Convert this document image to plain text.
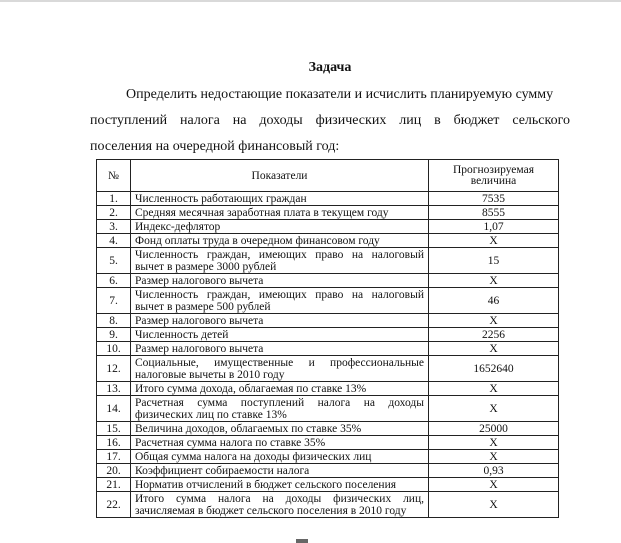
Задача

Определить недостающие показатели и исчислить планируемую сумму
поступлений налога на доходы физических лиц в бюджет сельского
поселения на очередной финансовый год:

№	Показатели	Прогнозируемая величина
1.	Численность работающих граждан	7535
2.	Средняя месячная заработная плата в текущем году	8555
3.	Индекс-дефлятор	1,07
4.	Фонд оплаты труда в очередном финансовом году	Х
5.	Численность граждан, имеющих право на налоговый вычет в размере 3000 рублей	15
6.	Размер налогового вычета	Х
7.	Численность граждан, имеющих право на налоговый вычет в размере 500 рублей	46
8.	Размер налогового вычета	Х
9.	Численность детей	2256
10.	Размер налогового вычета	Х
12.	Социальные, имущественные и профессиональные налоговые вычеты в 2010 году	1652640
13.	Итого сумма дохода, облагаемая по ставке 13%	Х
14.	Расчетная сумма поступлений налога на доходы физических лиц по ставке 13%	Х
15.	Величина доходов, облагаемых по ставке 35%	25000
16.	Расчетная сумма налога по ставке 35%	Х
17.	Общая сумма налога на доходы физических лиц	Х
20.	Коэффициент собираемости налога	0,93
21.	Норматив отчислений в бюджет сельского поселения	Х
22.	Итого сумма налога на доходы физических лиц, зачисляемая в бюджет сельского поселения в 2010 году	Х
